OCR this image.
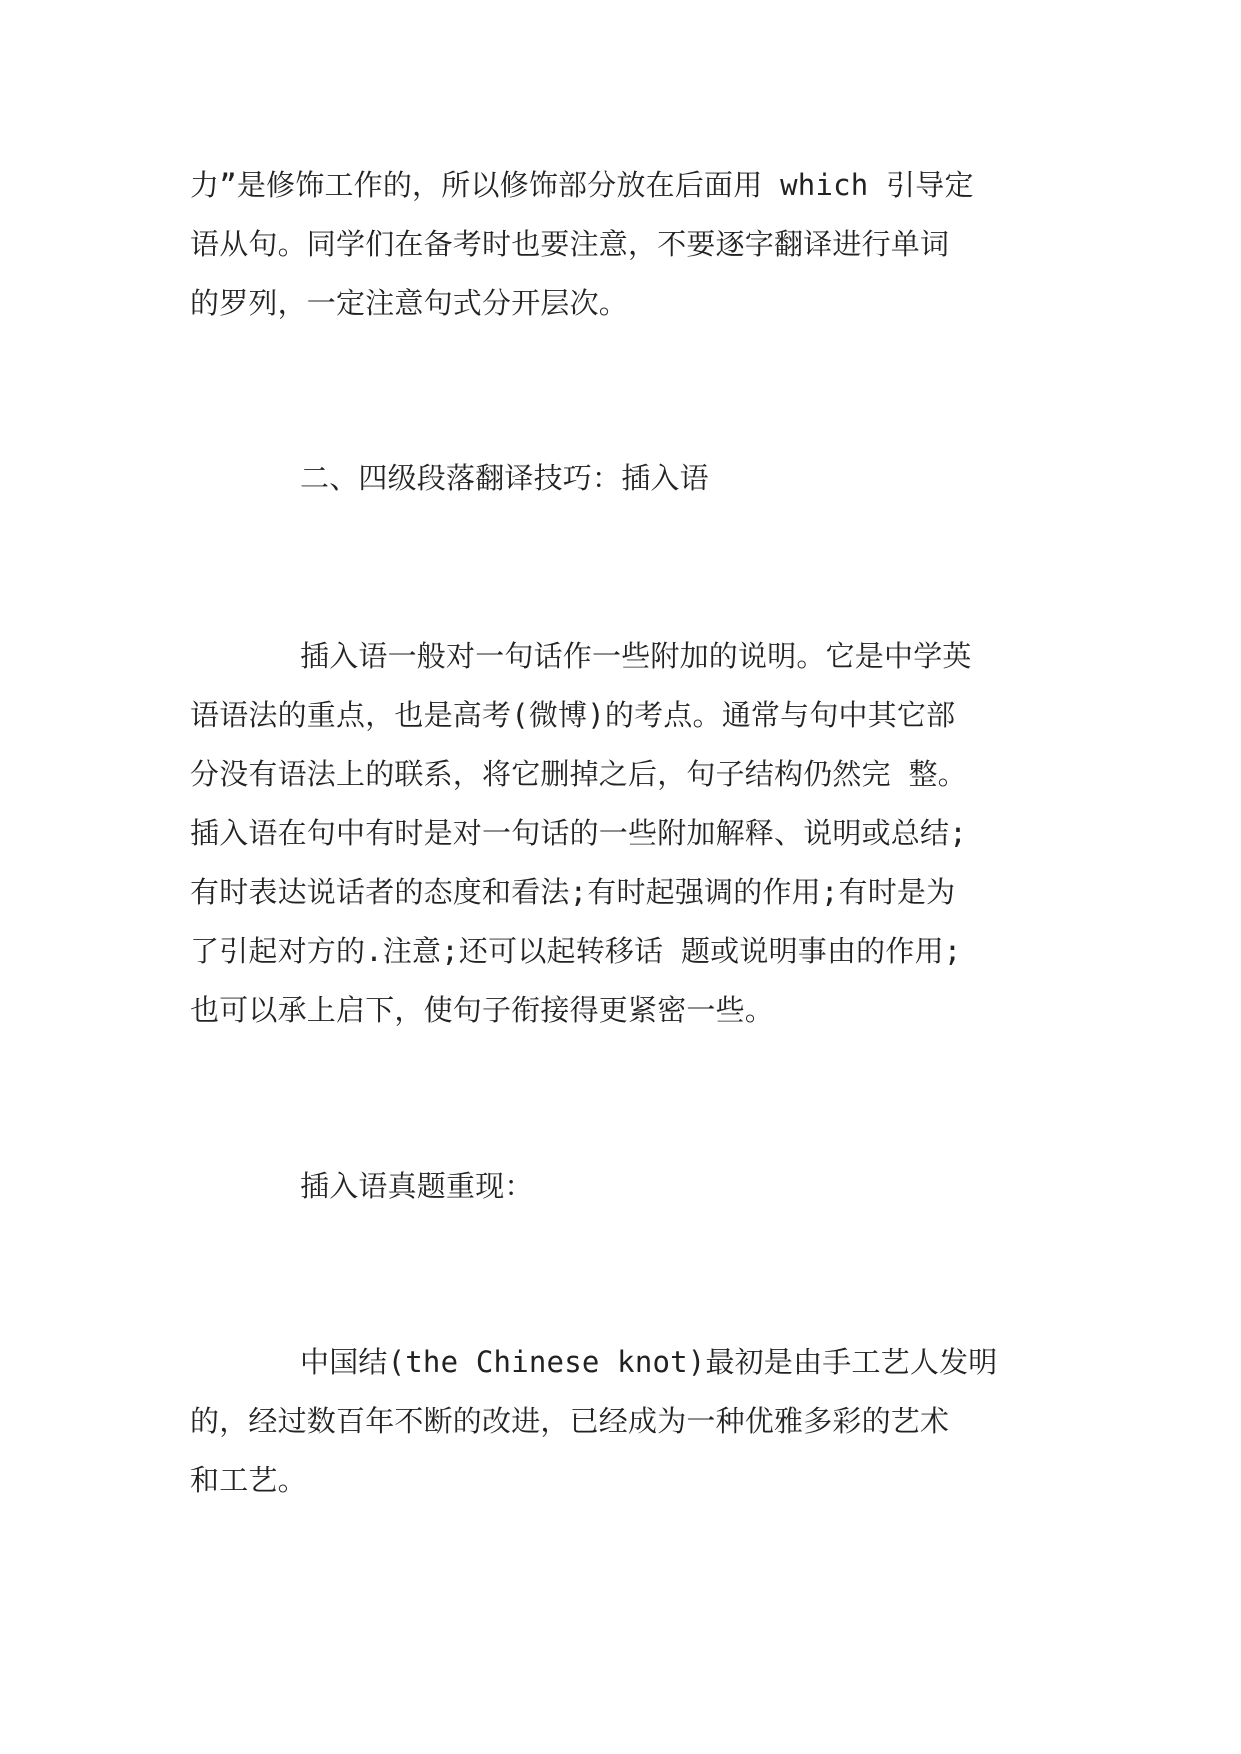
力”是修饰工作的，所以修饰部分放在后面用 which 引导定

语从句。同学们在备考时也要注意，不要逐字翻译进行单词

的罗列，一定注意句式分开层次。

二、四级段落翻译技巧：插入语

插入语一般对一句话作一些附加的说明。它是中学英

语语法的重点，也是高考(微博)的考点。通常与句中其它部

分没有语法上的联系，将它删掉之后，句子结构仍然完 整。

插入语在句中有时是对一句话的一些附加解释、说明或总结;

有时表达说话者的态度和看法;有时起强调的作用;有时是为

了引起对方的.注意;还可以起转移话 题或说明事由的作用;

也可以承上启下，使句子衔接得更紧密一些。

插入语真题重现：

中国结(the Chinese knot)最初是由手工艺人发明

的，经过数百年不断的改进，已经成为一种优雅多彩的艺术

和工艺。
